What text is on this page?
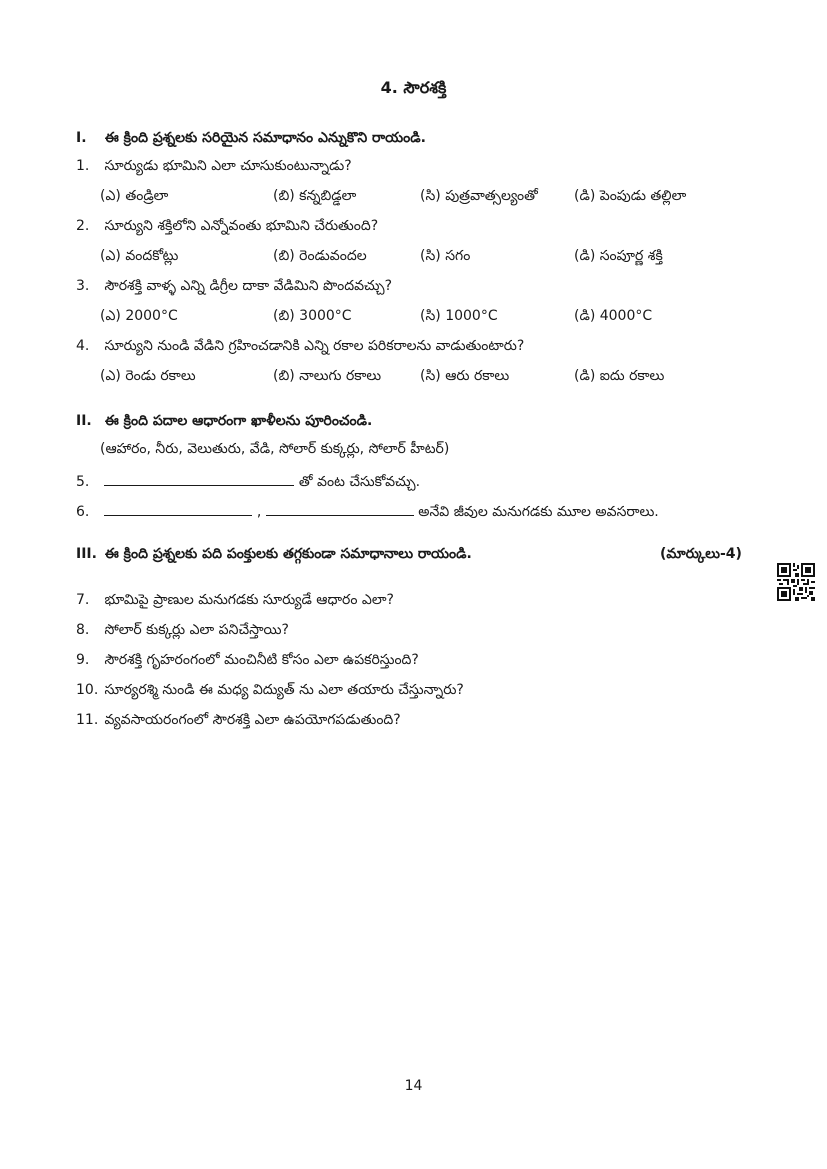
4. సౌరశక్తి
I. ఈ క్రింది ప్రశ్నలకు సరియైన సమాధానం ఎన్నుకొని రాయండి.
1. సూర్యుడు భూమిని ఎలా చూసుకుంటున్నాడు?
(ఎ) తండ్రిలా	(బి) కన్నబిడ్డలా	(సి) పుత్రవాత్సల్యంతో	(డి) పెంపుడు తల్లిలా
2. సూర్యుని శక్తిలోని ఎన్నోవంతు భూమిని చేరుతుంది?
(ఎ) వందకోట్లు	(బి) రెండువందల	(సి) సగం	(డి) సంపూర్ణ శక్తి
3. సౌరశక్తి వాళ్ళ ఎన్ని డిగ్రీల దాకా వేడిమిని పొందవచ్చు?
(ఎ) 2000°C	(బి) 3000°C	(సి) 1000°C	(డి) 4000°C
4. సూర్యుని నుండి వేడిని గ్రహించడానికి ఎన్ని రకాల పరికరాలను వాడుతుంటారు?
(ఎ) రెండు రకాలు	(బి) నాలుగు రకాలు	(సి) ఆరు రకాలు	(డి) ఐదు రకాలు
II. ఈ క్రింది పదాల ఆధారంగా ఖాళీలను పూరించండి.
(ఆహారం, నీరు, వెలుతురు, వేడి, సోలార్ కుక్కర్లు, సోలార్ హీటర్)
5.	తో వంట చేసుకోవచ్చు.
6.	,	అనేవి జీవుల మనుగడకు మూల అవసరాలు.
III. ఈ క్రింది ప్రశ్నలకు పది పంక్తులకు తగ్గకుండా సమాధానాలు రాయండి.	(మార్కులు-4)
7. భూమిపై ప్రాణుల మనుగడకు సూర్యుడే ఆధారం ఎలా?
8. సోలార్ కుక్కర్లు ఎలా పనిచేస్తాయి?
9. సౌరశక్తి గృహరంగంలో మంచినీటి కోసం ఎలా ఉపకరిస్తుంది?
10. సూర్యరశ్మి నుండి ఈ మధ్య విద్యుత్ ను ఎలా తయారు చేస్తున్నారు?
11. వ్యవసాయరంగంలో సౌరశక్తి ఎలా ఉపయోగపడుతుంది?
14
